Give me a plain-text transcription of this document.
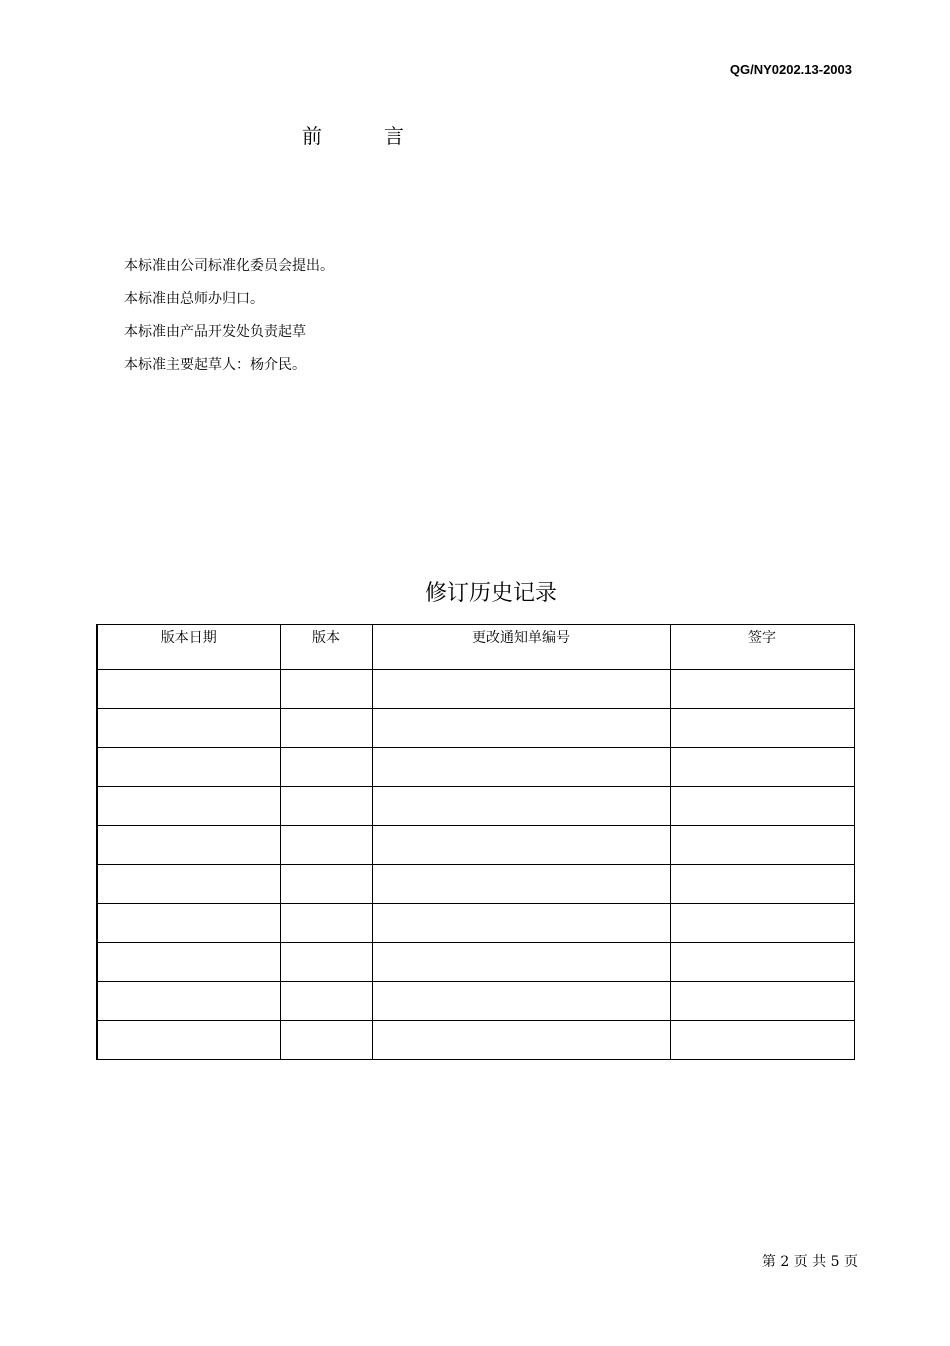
QG/NY0202.13-2003
前	言
本标准由公司标准化委员会提出。
本标准由总师办归口。
本标准由产品开发处负责起草
本标准主要起草人：杨介民。
修订历史记录
版本日期	版本	更改通知单编号	签字

第 2 页 共 5 页
